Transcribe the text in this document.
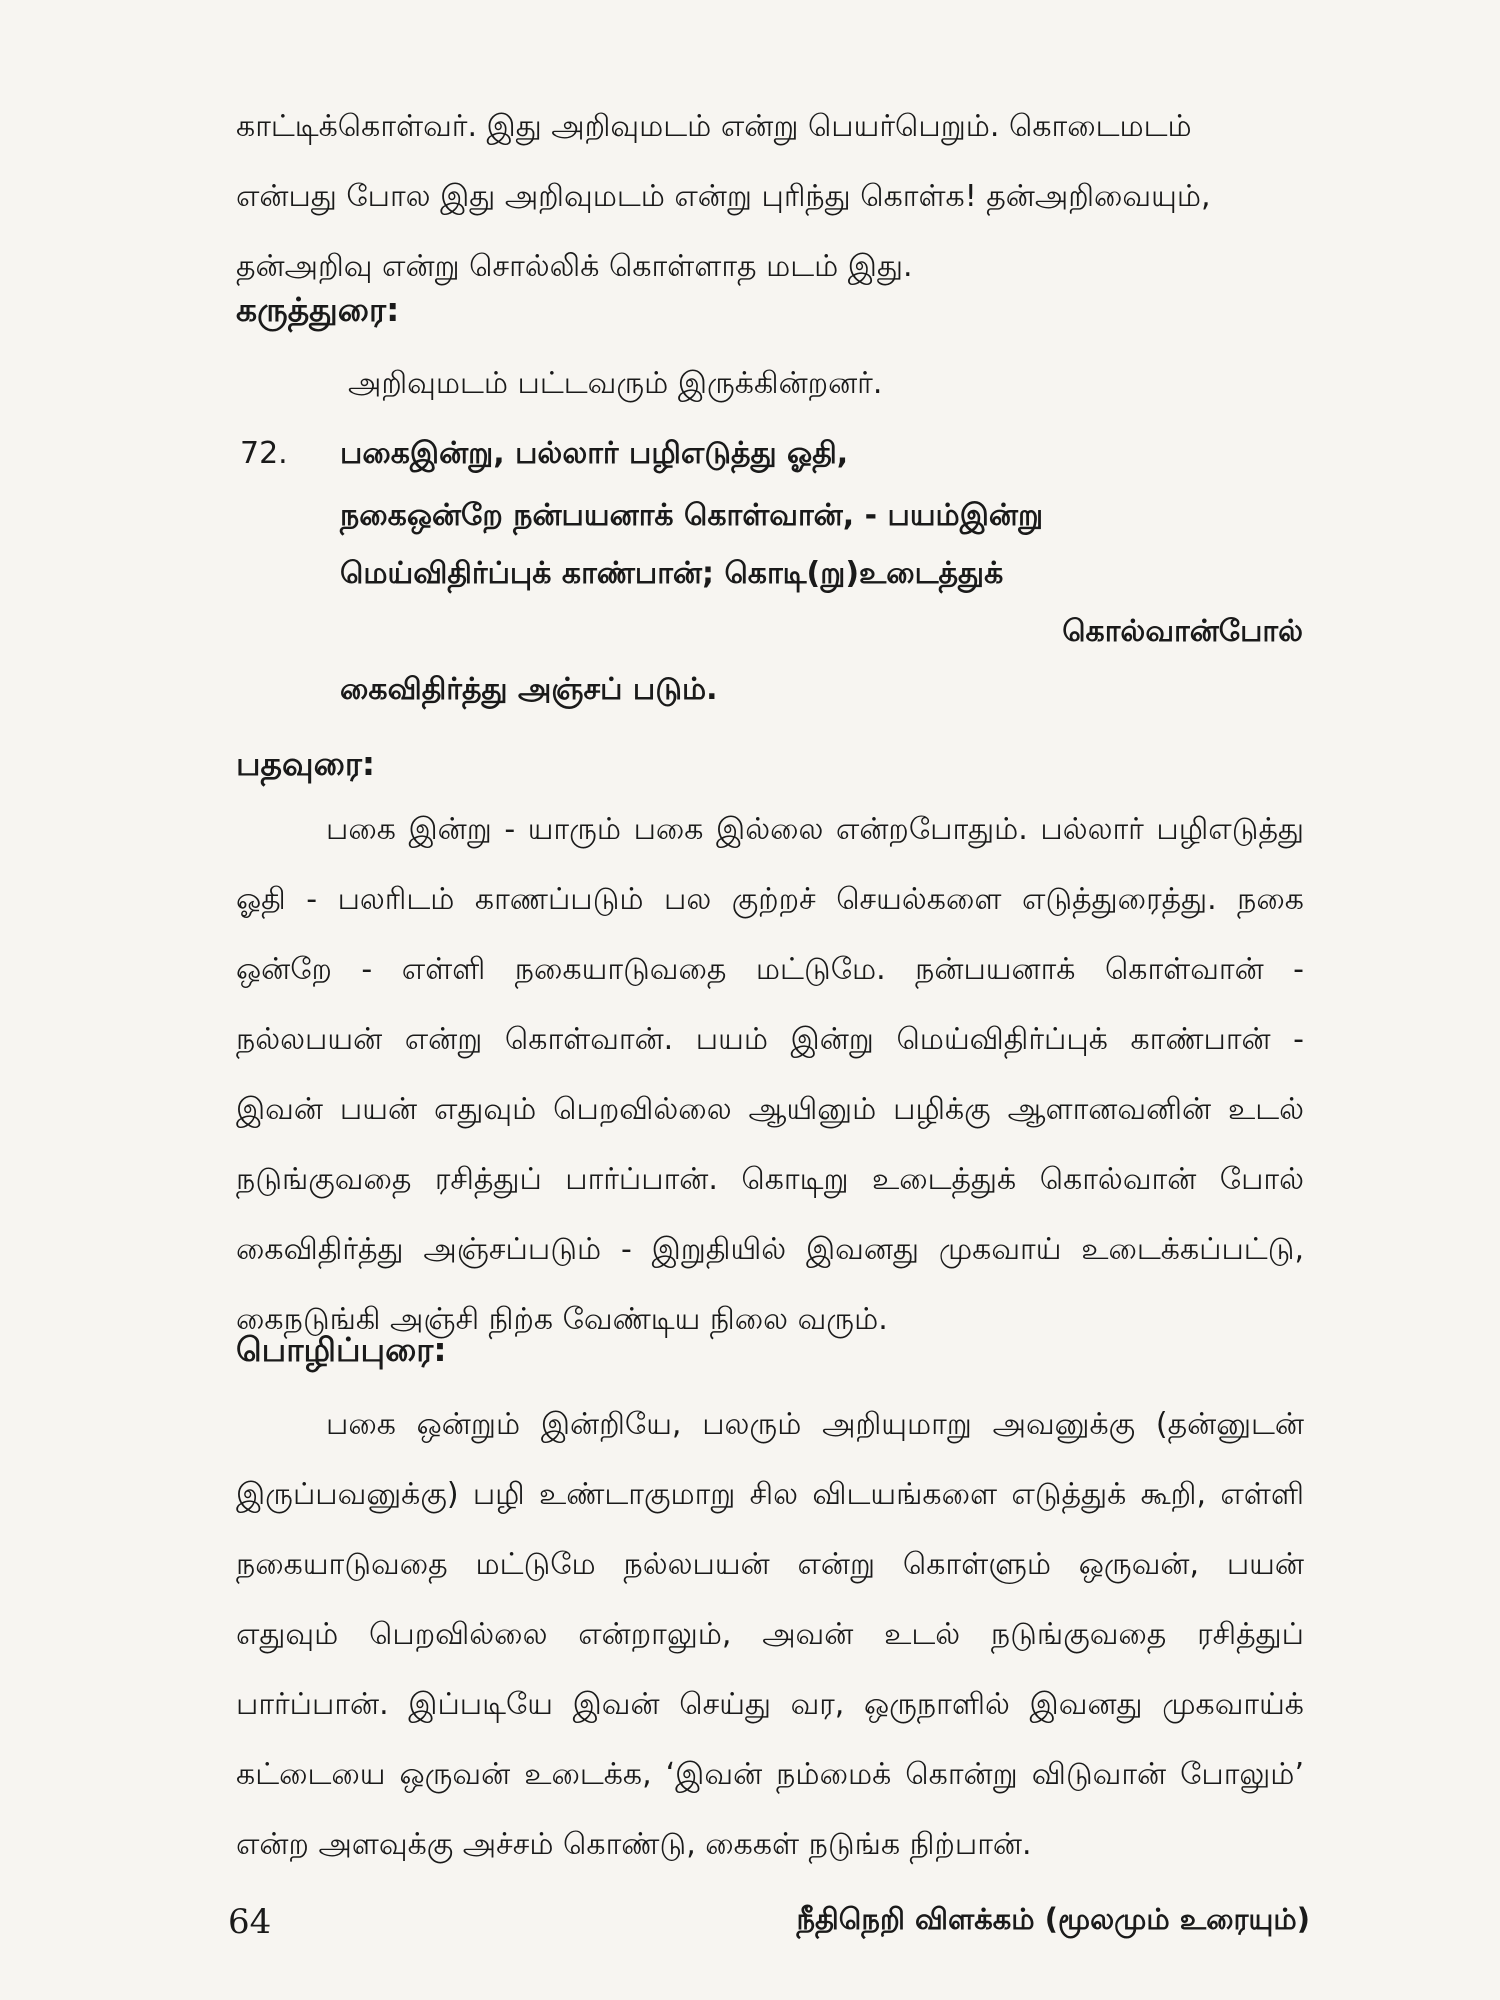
காட்டிக்கொள்வர். இது அறிவுமடம் என்று பெயர்பெறும். கொடைமடம்
என்பது போல இது அறிவுமடம் என்று புரிந்து கொள்க! தன்அறிவையும்,
தன்அறிவு என்று சொல்லிக் கொள்ளாத மடம் இது.

கருத்துரை:

அறிவுமடம் பட்டவரும் இருக்கின்றனர்.

72. பகைஇன்று, பல்லார் பழிஎடுத்து ஓதி,
நகைஒன்றே நன்பயனாக் கொள்வான், - பயம்இன்று
மெய்விதிர்ப்புக் காண்பான்; கொடி(று)உடைத்துக்
கொல்வான்போல்
கைவிதிர்த்து அஞ்சப் படும்.
பதவுரை:

பகை இன்று - யாரும் பகை இல்லை என்றபோதும். பல்லார் பழிஎடுத்து ஓதி - பலரிடம் காணப்படும் பல குற்றச் செயல்களை எடுத்துரைத்து. நகை ஒன்றே - எள்ளி நகையாடுவதை மட்டுமே. நன்பயனாக் கொள்வான் - நல்லபயன் என்று கொள்வான். பயம் இன்று மெய்விதிர்ப்புக் காண்பான் - இவன் பயன் எதுவும் பெறவில்லை ஆயினும் பழிக்கு ஆளானவனின் உடல் நடுங்குவதை ரசித்துப் பார்ப்பான். கொடிறு உடைத்துக் கொல்வான் போல் கைவிதிர்த்து அஞ்சப்படும் - இறுதியில் இவனது முகவாய் உடைக்கப்பட்டு, கைநடுங்கி அஞ்சி நிற்க வேண்டிய நிலை வரும்.

பொழிப்புரை:

பகை ஒன்றும் இன்றியே, பலரும் அறியுமாறு அவனுக்கு (தன்னுடன் இருப்பவனுக்கு) பழி உண்டாகுமாறு சில விடயங்களை எடுத்துக் கூறி, எள்ளி நகையாடுவதை மட்டுமே நல்லபயன் என்று கொள்ளும் ஒருவன், பயன் எதுவும் பெறவில்லை என்றாலும், அவன் உடல் நடுங்குவதை ரசித்துப் பார்ப்பான். இப்படியே இவன் செய்து வர, ஒருநாளில் இவனது முகவாய்க் கட்டையை ஒருவன் உடைக்க, ‘இவன் நம்மைக் கொன்று விடுவான் போலும்’ என்ற அளவுக்கு அச்சம் கொண்டு, கைகள் நடுங்க நிற்பான்.

64	நீதிநெறி விளக்கம் (மூலமும் உரையும்)
